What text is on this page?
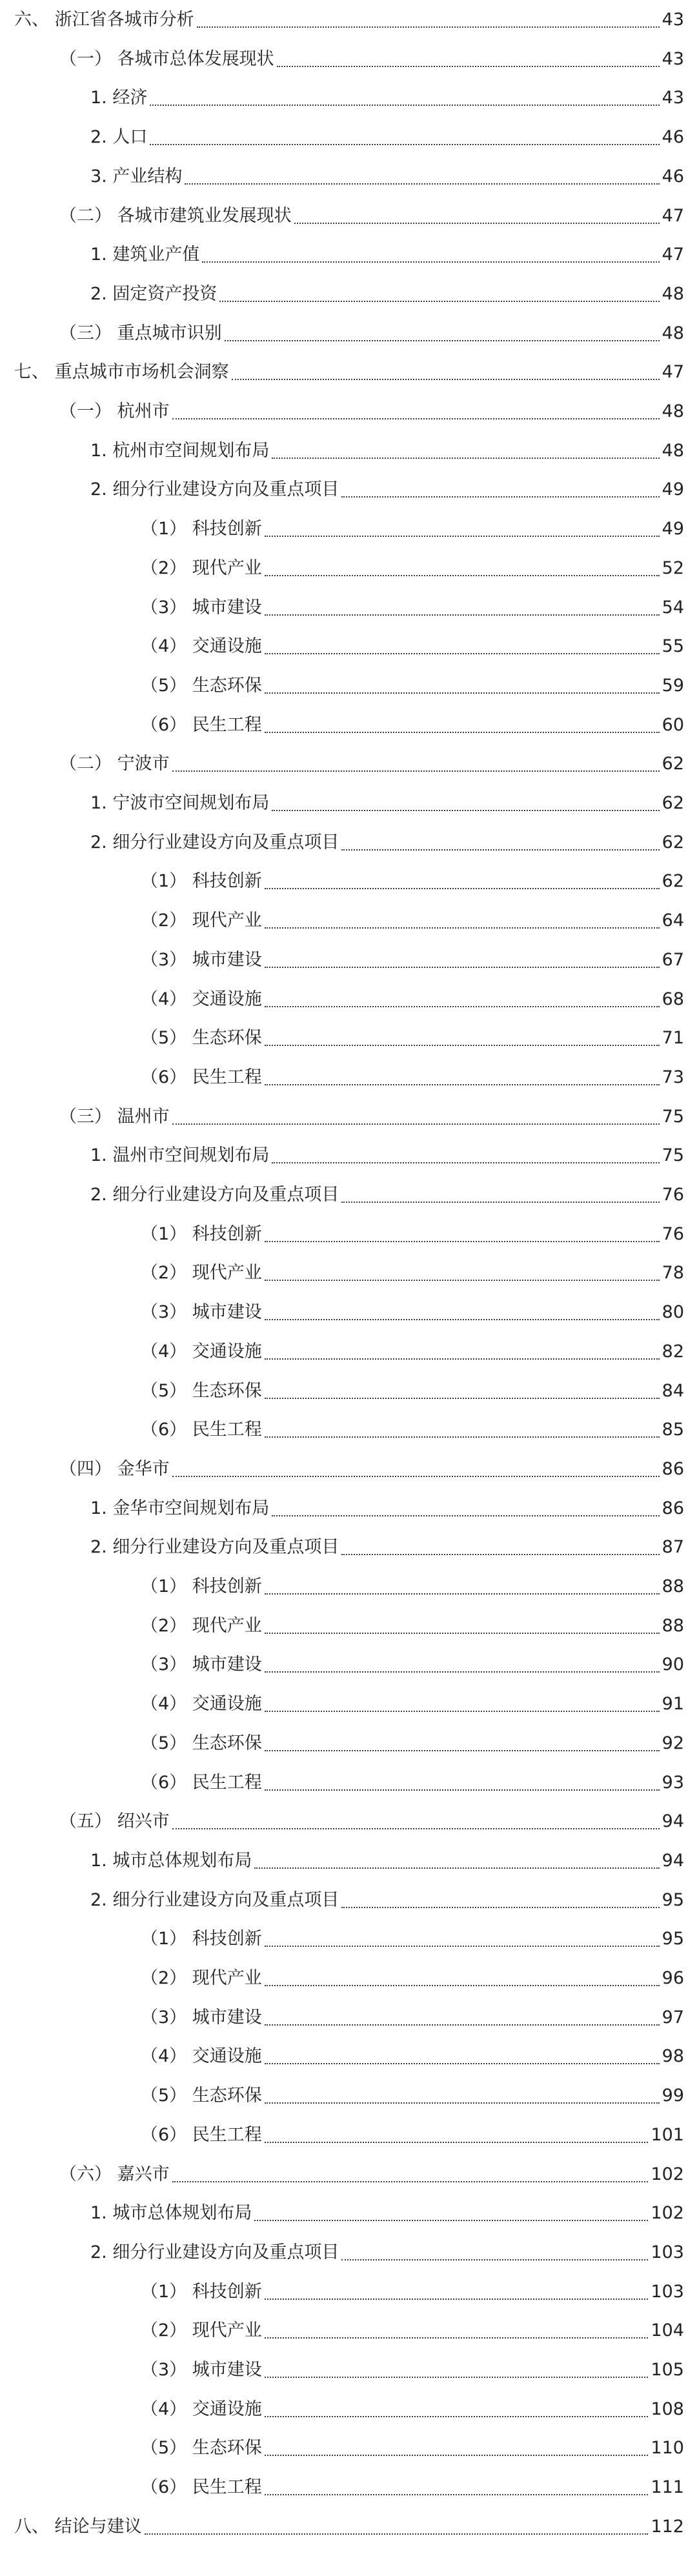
六、 浙江省各城市分析	43
（一） 各城市总体发展现状	43
1. 经济	43
2. 人口	46
3. 产业结构	46
（二） 各城市建筑业发展现状	47
1. 建筑业产值	47
2. 固定资产投资	48
（三） 重点城市识别	48
七、 重点城市市场机会洞察	47
（一） 杭州市	48
1. 杭州市空间规划布局	48
2. 细分行业建设方向及重点项目	49
（1） 科技创新	49
（2） 现代产业	52
（3） 城市建设	54
（4） 交通设施	55
（5） 生态环保	59
（6） 民生工程	60
（二） 宁波市	62
1. 宁波市空间规划布局	62
2. 细分行业建设方向及重点项目	62
（1） 科技创新	62
（2） 现代产业	64
（3） 城市建设	67
（4） 交通设施	68
（5） 生态环保	71
（6） 民生工程	73
（三） 温州市	75
1. 温州市空间规划布局	75
2. 细分行业建设方向及重点项目	76
（1） 科技创新	76
（2） 现代产业	78
（3） 城市建设	80
（4） 交通设施	82
（5） 生态环保	84
（6） 民生工程	85
（四） 金华市	86
1. 金华市空间规划布局	86
2. 细分行业建设方向及重点项目	87
（1） 科技创新	88
（2） 现代产业	88
（3） 城市建设	90
（4） 交通设施	91
（5） 生态环保	92
（6） 民生工程	93
（五） 绍兴市	94
1. 城市总体规划布局	94
2. 细分行业建设方向及重点项目	95
（1） 科技创新	95
（2） 现代产业	96
（3） 城市建设	97
（4） 交通设施	98
（5） 生态环保	99
（6） 民生工程	101
（六） 嘉兴市	102
1. 城市总体规划布局	102
2. 细分行业建设方向及重点项目	103
（1） 科技创新	103
（2） 现代产业	104
（3） 城市建设	105
（4） 交通设施	108
（5） 生态环保	110
（6） 民生工程	111
八、 结论与建议	112
